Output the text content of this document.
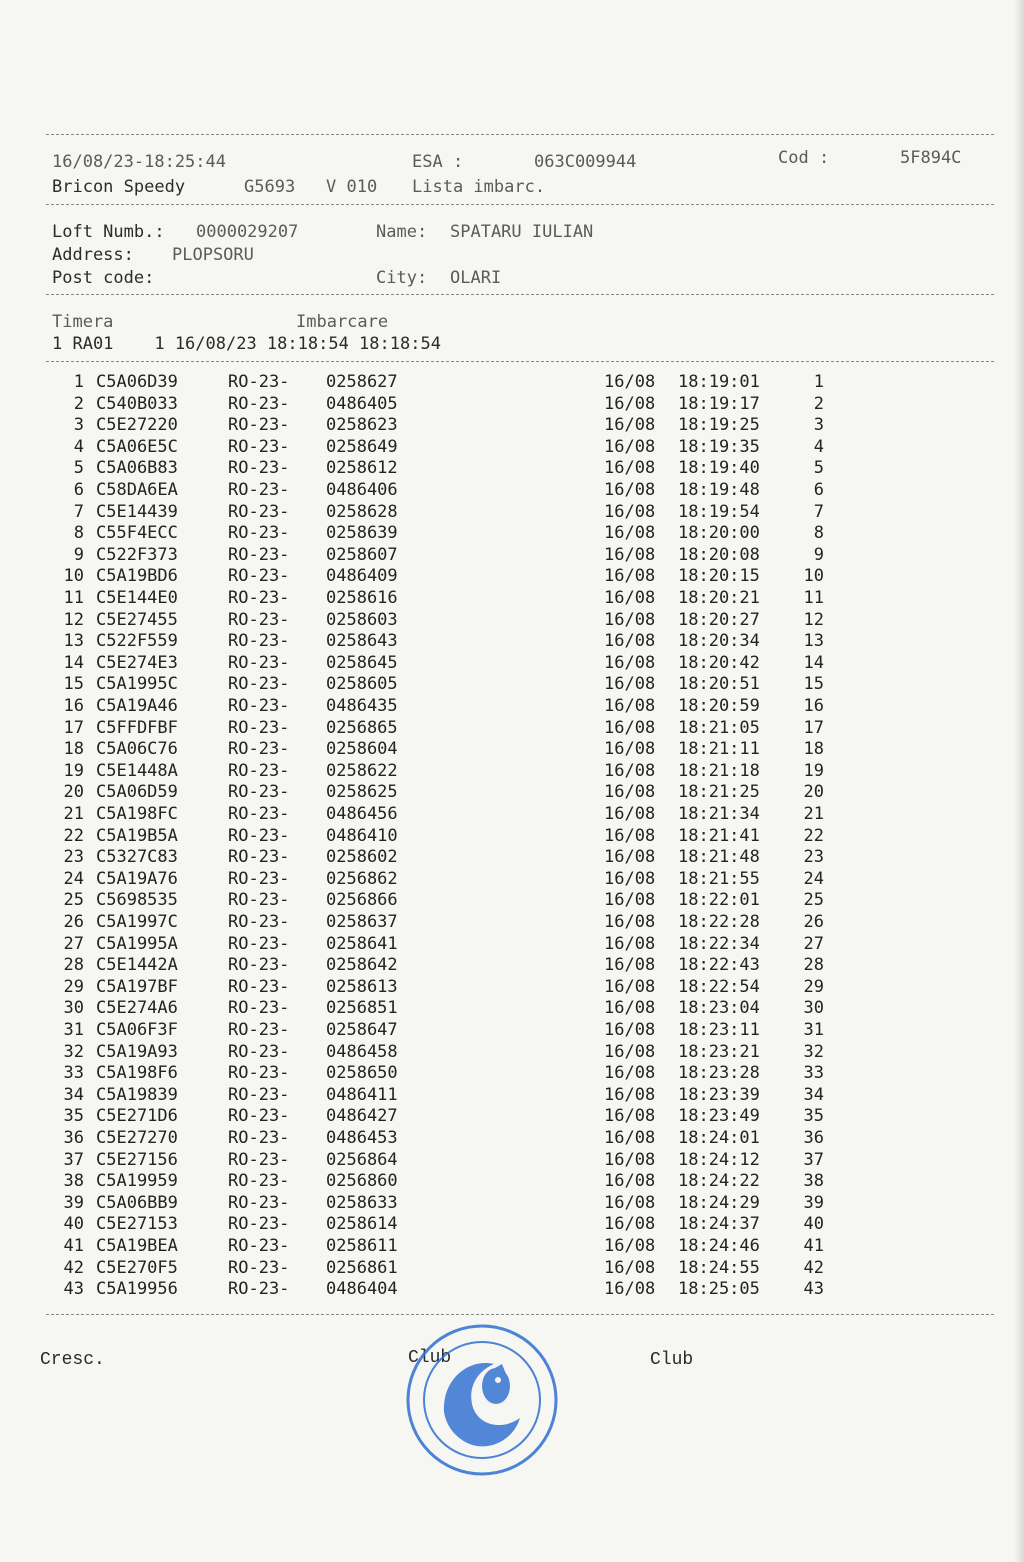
16/08/23-18:25:44	ESA :	063C009944	Cod :	5F894C
Bricon Speedy	G5693 V 010 Lista imbarc.
Loft Numb.: 0000029207	Name: SPATARU IULIAN
Address: PLOPSORU
Post code:	City: OLARI
Timera	Imbarcare
1 RA01    1 16/08/23 18:18:54 18:18:54
1 C5A06D39	RO-23- 0258627	16/08 18:19:01	1
2 C540B033	RO-23- 0486405	16/08 18:19:17	2
3 C5E27220	RO-23- 0258623	16/08 18:19:25	3
4 C5A06E5C	RO-23- 0258649	16/08 18:19:35	4
5 C5A06B83	RO-23- 0258612	16/08 18:19:40	5
6 C58DA6EA	RO-23- 0486406	16/08 18:19:48	6
7 C5E14439	RO-23- 0258628	16/08 18:19:54	7
8 C55F4ECC	RO-23- 0258639	16/08 18:20:00	8
9 C522F373	RO-23- 0258607	16/08 18:20:08	9
10 C5A19BD6	RO-23- 0486409	16/08 18:20:15	10
11 C5E144E0	RO-23- 0258616	16/08 18:20:21	11
12 C5E27455	RO-23- 0258603	16/08 18:20:27	12
13 C522F559	RO-23- 0258643	16/08 18:20:34	13
14 C5E274E3	RO-23- 0258645	16/08 18:20:42	14
15 C5A1995C	RO-23- 0258605	16/08 18:20:51	15
16 C5A19A46	RO-23- 0486435	16/08 18:20:59	16
17 C5FFDFBF	RO-23- 0256865	16/08 18:21:05	17
18 C5A06C76	RO-23- 0258604	16/08 18:21:11	18
19 C5E1448A	RO-23- 0258622	16/08 18:21:18	19
20 C5A06D59	RO-23- 0258625	16/08 18:21:25	20
21 C5A198FC	RO-23- 0486456	16/08 18:21:34	21
22 C5A19B5A	RO-23- 0486410	16/08 18:21:41	22
23 C5327C83	RO-23- 0258602	16/08 18:21:48	23
24 C5A19A76	RO-23- 0256862	16/08 18:21:55	24
25 C5698535	RO-23- 0256866	16/08 18:22:01	25
26 C5A1997C	RO-23- 0258637	16/08 18:22:28	26
27 C5A1995A	RO-23- 0258641	16/08 18:22:34	27
28 C5E1442A	RO-23- 0258642	16/08 18:22:43	28
29 C5A197BF	RO-23- 0258613	16/08 18:22:54	29
30 C5E274A6	RO-23- 0256851	16/08 18:23:04	30
31 C5A06F3F	RO-23- 0258647	16/08 18:23:11	31
32 C5A19A93	RO-23- 0486458	16/08 18:23:21	32
33 C5A198F6	RO-23- 0258650	16/08 18:23:28	33
34 C5A19839	RO-23- 0486411	16/08 18:23:39	34
35 C5E271D6	RO-23- 0486427	16/08 18:23:49	35
36 C5E27270	RO-23- 0486453	16/08 18:24:01	36
37 C5E27156	RO-23- 0256864	16/08 18:24:12	37
38 C5A19959	RO-23- 0256860	16/08 18:24:22	38
39 C5A06BB9	RO-23- 0258633	16/08 18:24:29	39
40 C5E27153	RO-23- 0258614	16/08 18:24:37	40
41 C5A19BEA	RO-23- 0258611	16/08 18:24:46	41
42 C5E270F5	RO-23- 0256861	16/08 18:24:55	42
43 C5A19956	RO-23- 0486404	16/08 18:25:05	43
Cresc.	Club	Club
